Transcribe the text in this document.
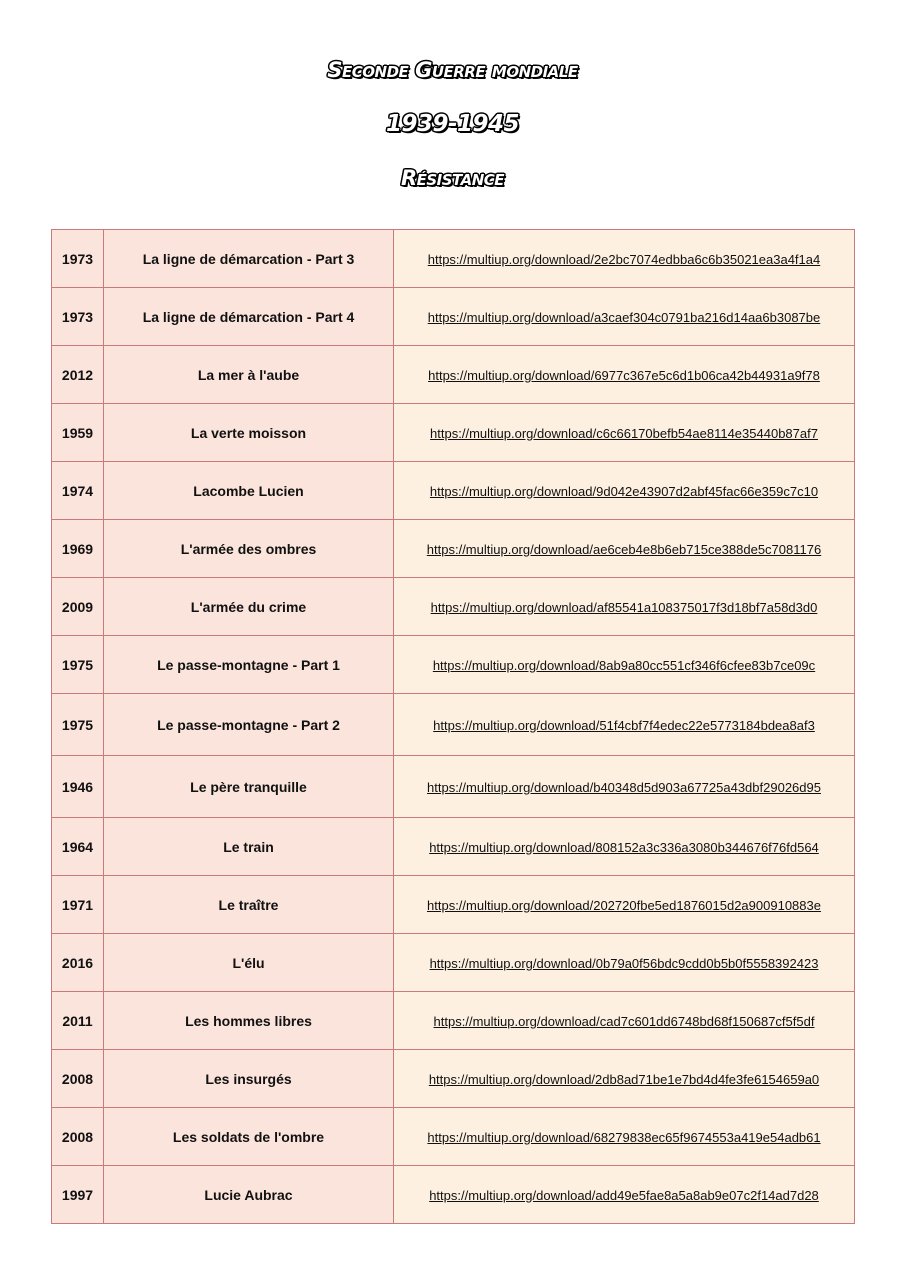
Seconde Guerre mondiale
1939-1945
Résistance
1973	La ligne de démarcation - Part 3	https://multiup.org/download/2e2bc7074edbba6c6b35021ea3a4f1a4
1973	La ligne de démarcation - Part 4	https://multiup.org/download/a3caef304c0791ba216d14aa6b3087be
2012	La mer à l'aube	https://multiup.org/download/6977c367e5c6d1b06ca42b44931a9f78
1959	La verte moisson	https://multiup.org/download/c6c66170befb54ae8114e35440b87af7
1974	Lacombe Lucien	https://multiup.org/download/9d042e43907d2abf45fac66e359c7c10
1969	L'armée des ombres	https://multiup.org/download/ae6ceb4e8b6eb715ce388de5c7081176
2009	L'armée du crime	https://multiup.org/download/af85541a108375017f3d18bf7a58d3d0
1975	Le passe-montagne - Part 1	https://multiup.org/download/8ab9a80cc551cf346f6cfee83b7ce09c
1975	Le passe-montagne - Part 2	https://multiup.org/download/51f4cbf7f4edec22e5773184bdea8af3
1946	Le père tranquille	https://multiup.org/download/b40348d5d903a67725a43dbf29026d95
1964	Le train	https://multiup.org/download/808152a3c336a3080b344676f76fd564
1971	Le traître	https://multiup.org/download/202720fbe5ed1876015d2a900910883e
2016	L'élu	https://multiup.org/download/0b79a0f56bdc9cdd0b5b0f5558392423
2011	Les hommes libres	https://multiup.org/download/cad7c601dd6748bd68f150687cf5f5df
2008	Les insurgés	https://multiup.org/download/2db8ad71be1e7bd4d4fe3fe6154659a0
2008	Les soldats de l'ombre	https://multiup.org/download/68279838ec65f9674553a419e54adb61
1997	Lucie Aubrac	https://multiup.org/download/add49e5fae8a5a8ab9e07c2f14ad7d28
